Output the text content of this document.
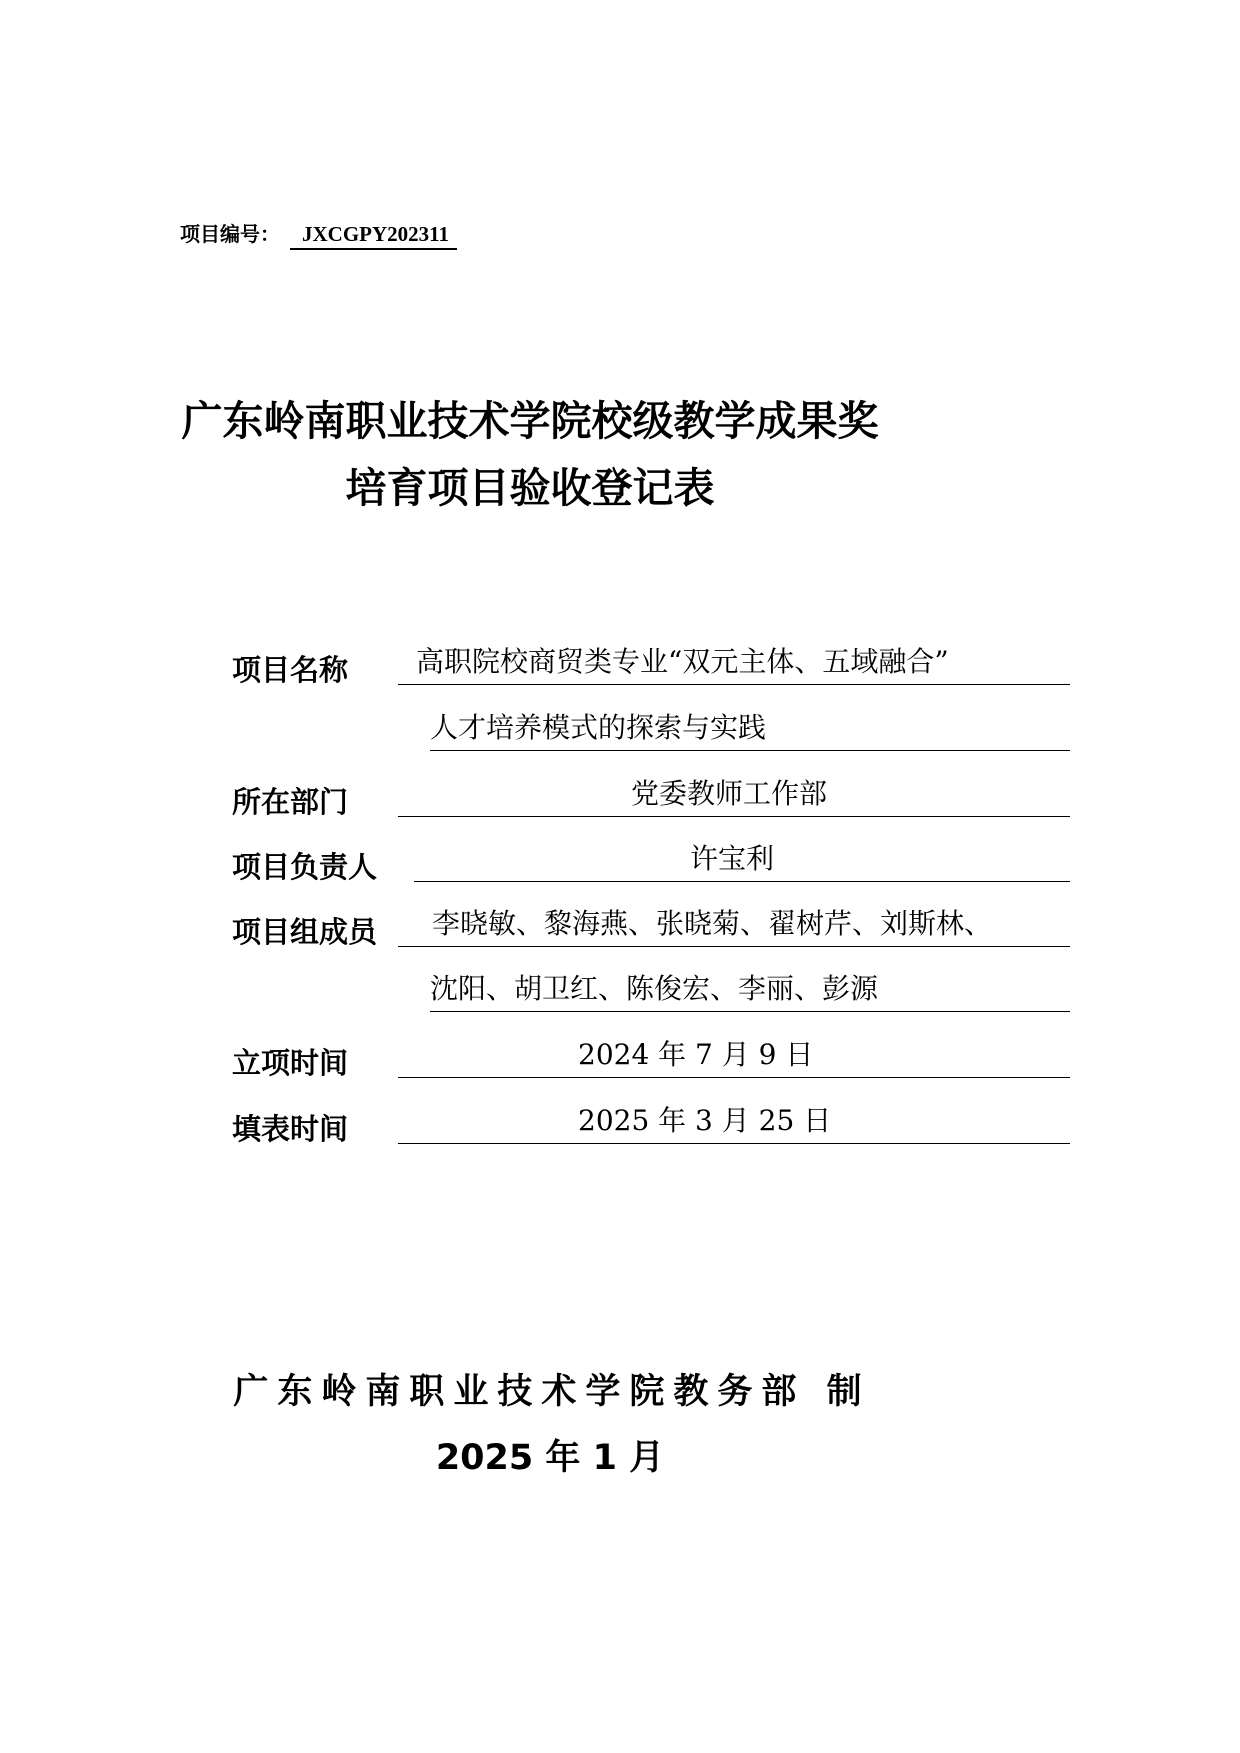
项目编号： JXCGPY202311
广东岭南职业技术学院校级教学成果奖
培育项目验收登记表
项目名称	高职院校商贸类专业“双元主体、五域融合”
人才培养模式的探索与实践
所在部门	党委教师工作部
项目负责人	许宝利
项目组成员	李晓敏、黎海燕、张晓菊、翟树芹、刘斯林、
沈阳、胡卫红、陈俊宏、李丽、彭源
立项时间	2024 年 7 月 9 日
填表时间	2025 年 3 月 25 日
广东岭南职业技术学院教务部 制
2025 年 1 月
